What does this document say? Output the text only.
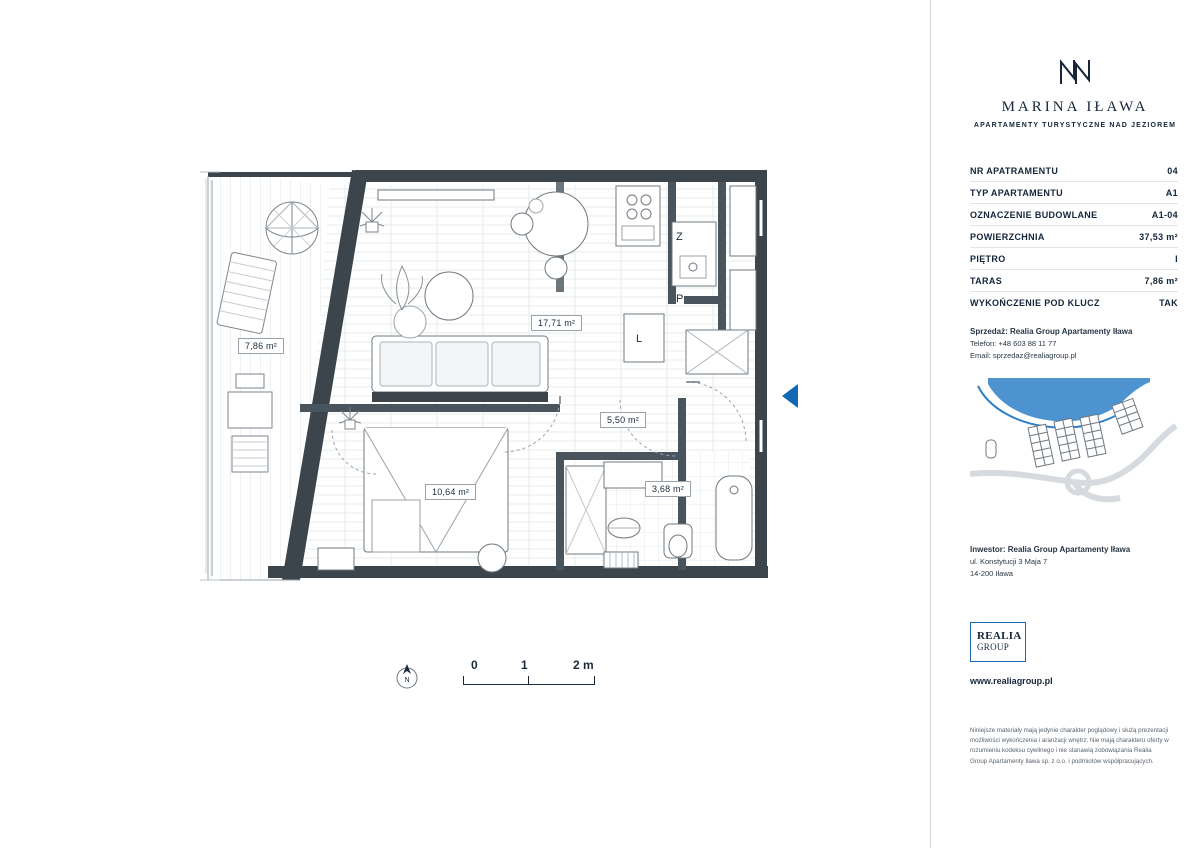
7,86 m²
17,71 m²
5,50 m²
10,64 m²	3,68 m²
Z
P
L
N
0	1	2 m
MARINA IŁAWA
APARTAMENTY TURYSTYCZNE NAD JEZIOREM
NR APATRAMENTU	04
TYP APARTAMENTU	A1
OZNACZENIE BUDOWLANE	A1-04
POWIERZCHNIA	37,53 m²
PIĘTRO	I
TARAS	7,86 m²
WYKOŃCZENIE POD KLUCZ	TAK
Sprzedaż: Realia Group Apartamenty Iława
Telefon: +48 603 88 11 77
Email: sprzedaz@realiagroup.pl
Inwestor: Realia Group Apartamenty Iława
ul. Konstytucji 3 Maja 7
14-200 Iława
REALIA
GROUP
www.realiagroup.pl
Niniejsze materiały mają jedynie charakter poglądowy i służą prezentacji możliwości wykończenia i aranżacji wnętrz. Nie mają charakteru oferty w rozumieniu kodeksu cywilnego i nie stanawią zobowiązania Realia Group Apartamenty Iława sp. z o.o. i podmiotów współpracujących.
